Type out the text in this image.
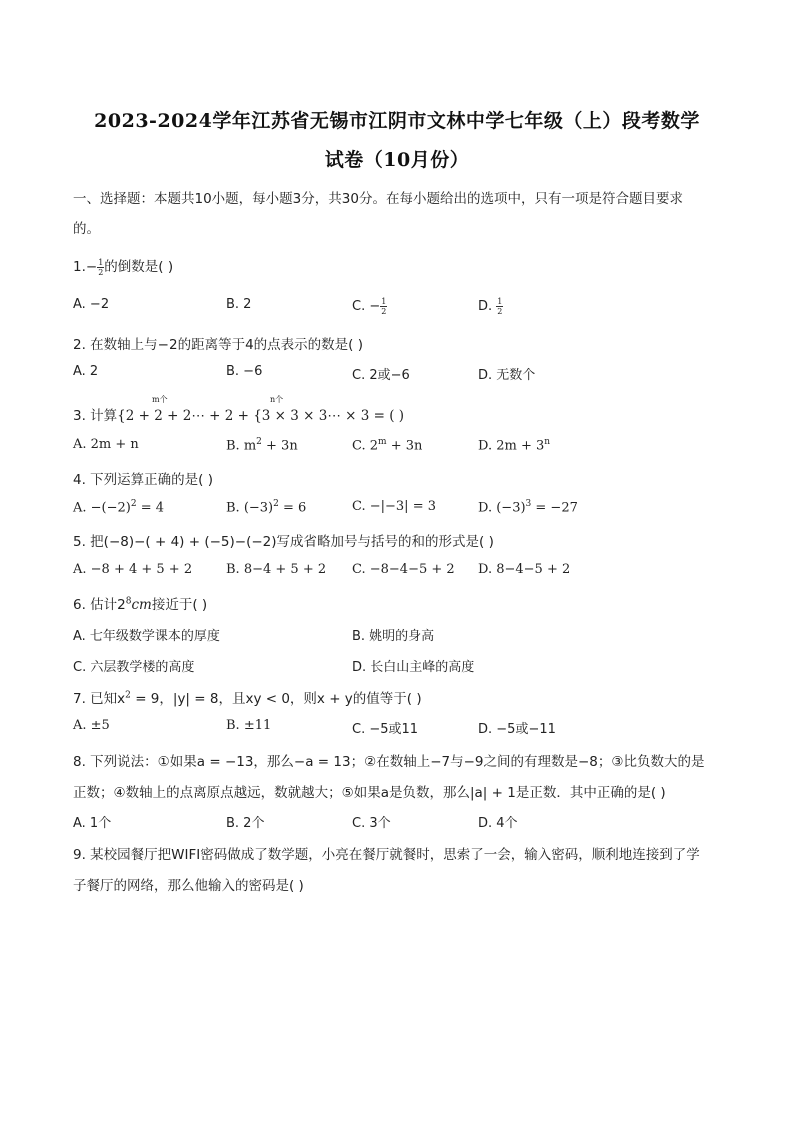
2023-2024学年江苏省无锡市江阴市文林中学七年级（上）段考数学
试卷（10月份）
一、选择题：本题共10小题，每小题3分，共30分。在每小题给出的选项中，只有一项是符合题目要求
的。
$1.- \frac{1}{2}$ 的倒数是( )
A. −2	B. 2	C. − $\frac{1}{2}$	D. $\frac{1}{2}$
2. 在数轴上与−2的距离等于4的点表示的数是( )
A. 2	B. −6	C. 2或−6	D. 无数个
m个	n个
3. 计算{2 + 2 + 2⋯ + 2 + {3 × 3 × 3⋯ × 3 = ( )
A. 2m + n	B. $m^2 + 3n$	C. $2^m + 3n$	D. $2m + 3^n$
4. 下列运算正确的是( )
A. $-(-2)^2 = 4$	B. $(-3)^2 = 6$	C. −|−3| = 3	D. $(-3)^3 = -27$
5. 把(−8)−( + 4) + (−5)−(−2)写成省略加号与括号的和的形式是( )
A. −8 + 4 + 5 + 2	B. 8−4 + 5 + 2 C. −8−4−5 + 2 D. 8−4−5 + 2
6. 估计$2^8cm$接近于( )
A. 七年级数学课本的厚度	B. 姚明的身高
C. 六层教学楼的高度	D. 长白山主峰的高度
7. 已知$x^2 = 9$，|y| = 8，且xy < 0，则x + y的值等于( )
A. ±5	B. ±11	C. −5或11	D. −5或−11
8. 下列说法：①如果a = −13，那么−a = 13；②在数轴上−7与−9之间的有理数是−8；③比负数大的是
正数；④数轴上的点离原点越远，数就越大；⑤如果a是负数，那么|a| + 1是正数．其中正确的是( )
A. 1个	B. 2个	C. 3个	D. 4个
9. 某校园餐厅把WIFI密码做成了数学题，小亮在餐厅就餐时，思索了一会，输入密码，顺利地连接到了学
子餐厅的网络，那么他输入的密码是( )
